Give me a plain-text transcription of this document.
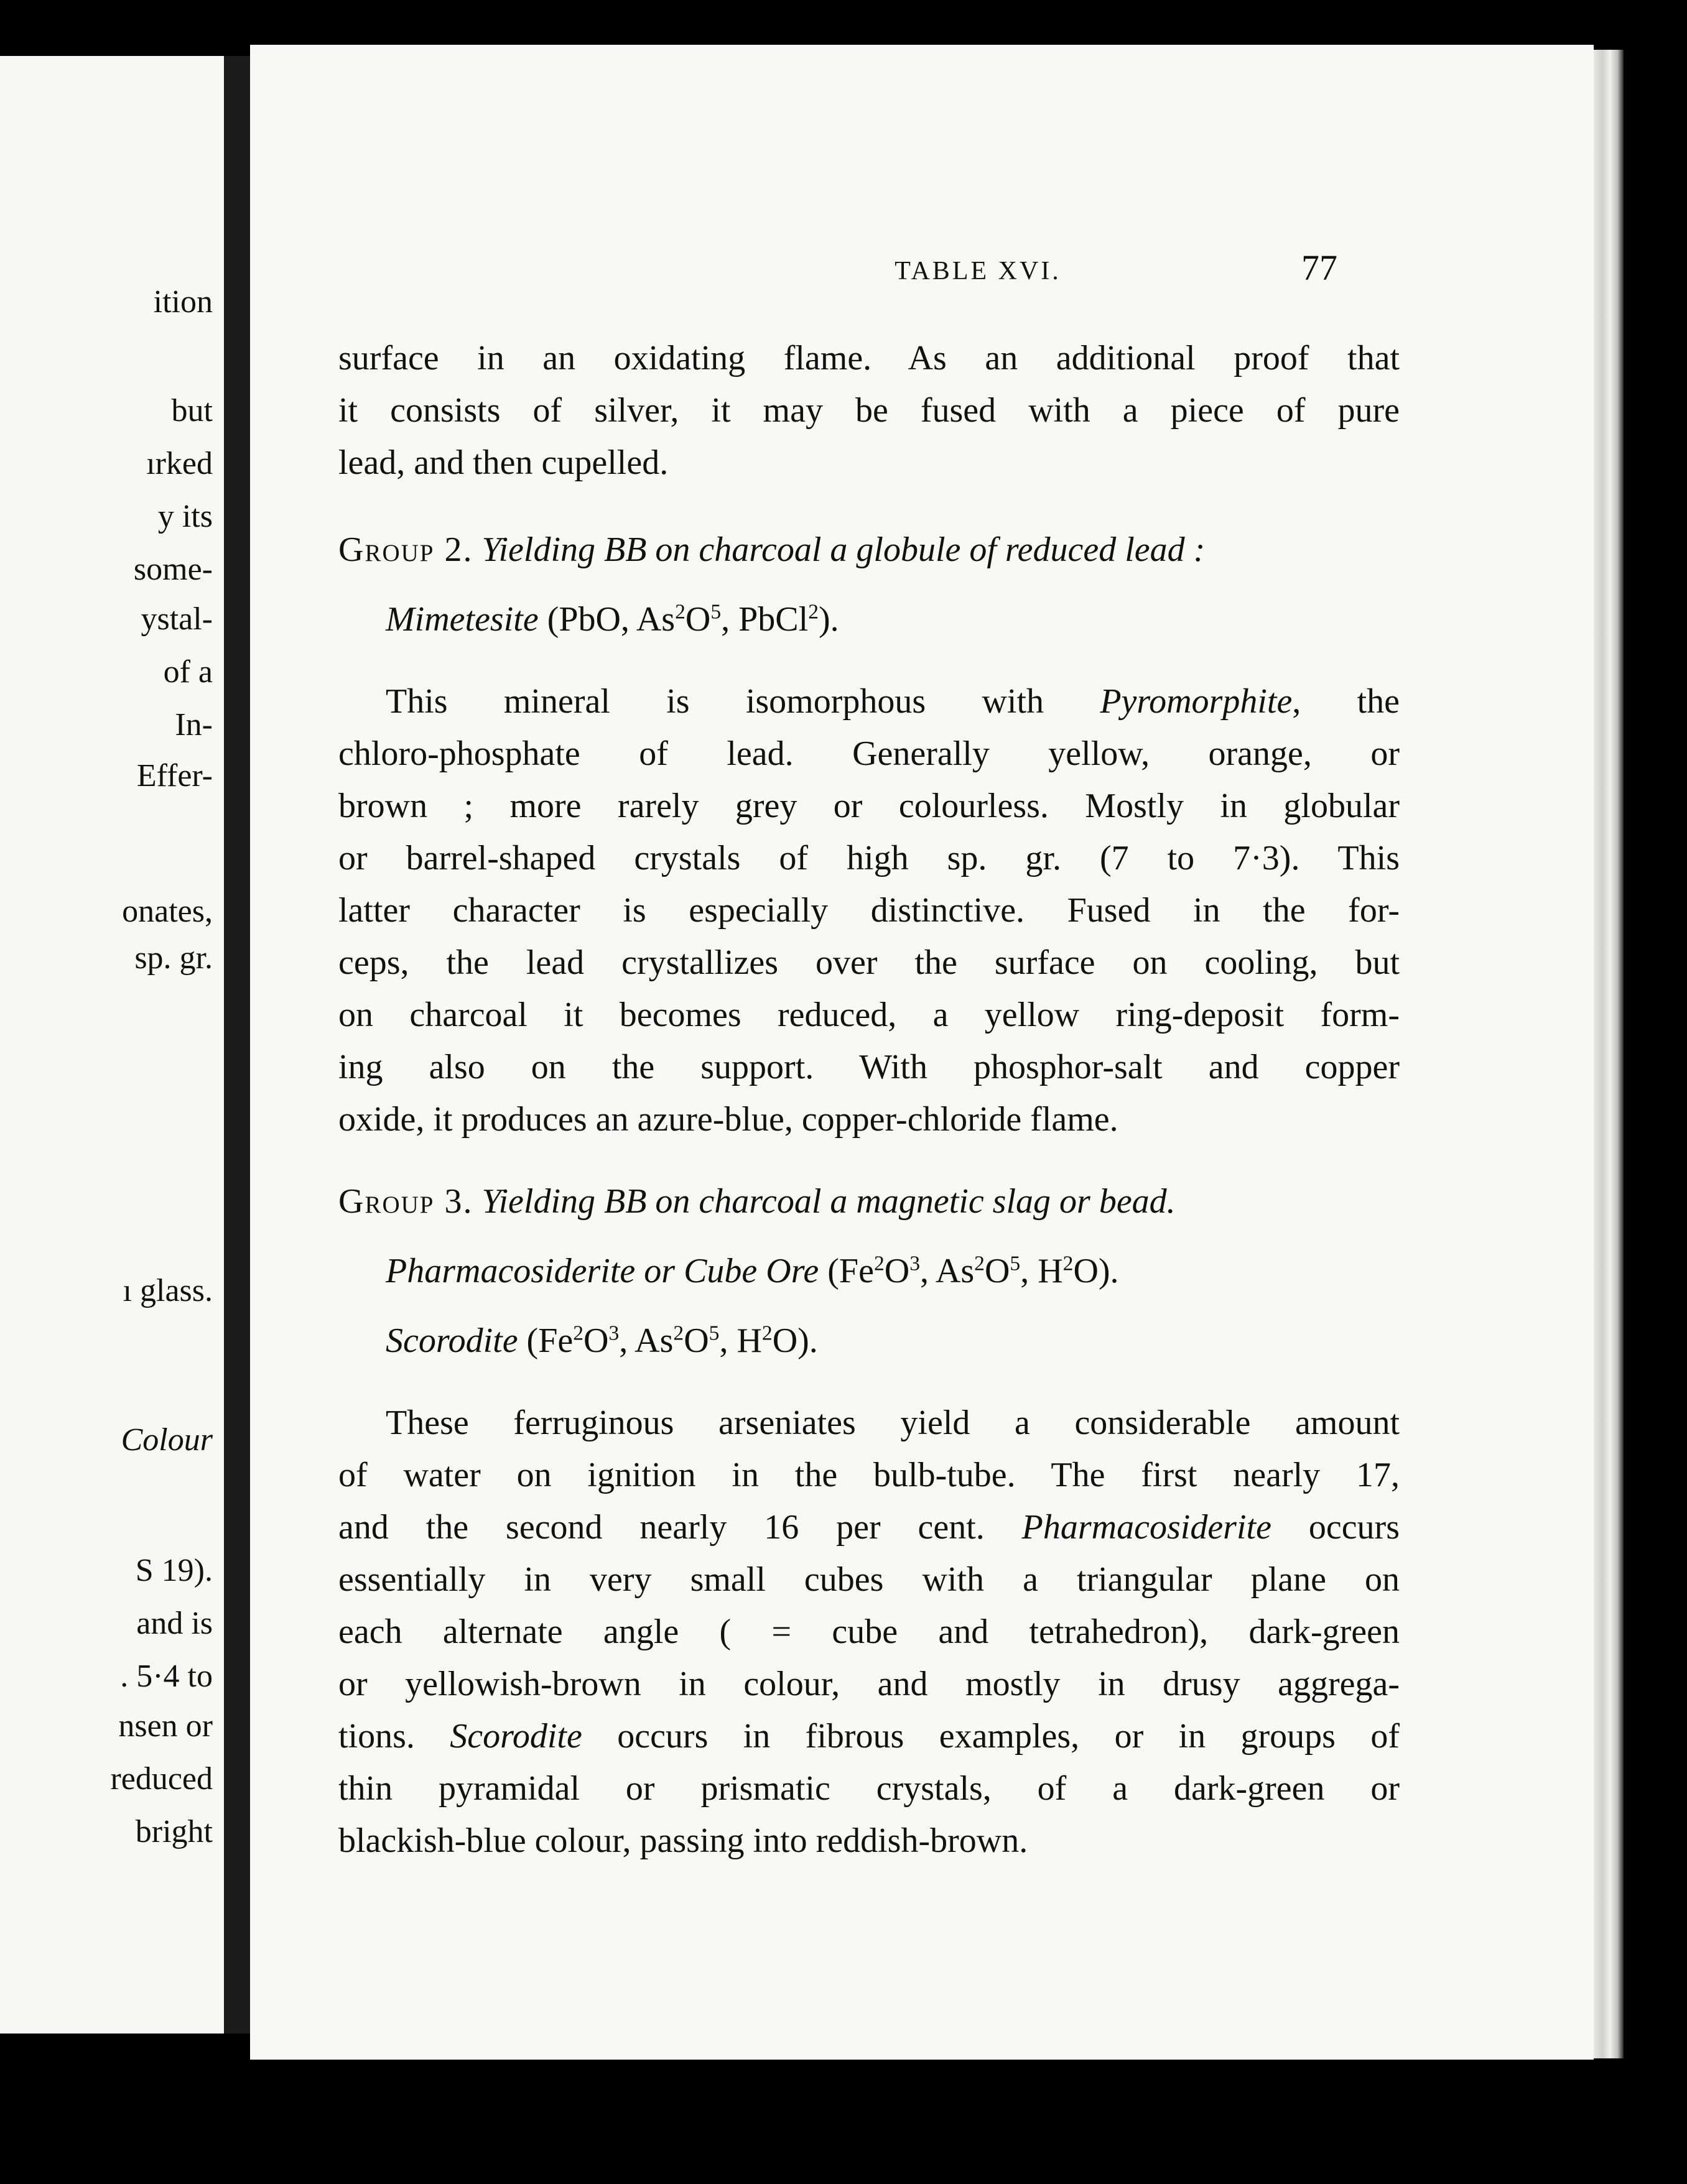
ition
but
ırked
y its
some-
ystal-
of a
In-
Effer-
onates,
sp. gr.
ı glass.
Colour
S 19).
and is
. 5·4 to
nsen or
reduced
bright
TABLE XVI.	77

surface in an oxidating flame. As an additional proof that
it consists of silver, it may be fused with a piece of pure
lead, and then cupelled.

Group 2. Yielding BB on charcoal a globule of reduced lead :

Mimetesite (PbO, $As^2O^5$, PbCl$^2$).

This mineral is isomorphous with Pyromorphite, the
chloro-phosphate of lead. Generally yellow, orange, or
brown ; more rarely grey or colourless. Mostly in globular
or barrel-shaped crystals of high sp. gr. (7 to 7·3). This
latter character is especially distinctive. Fused in the for-
ceps, the lead crystallizes over the surface on cooling, but
on charcoal it becomes reduced, a yellow ring-deposit form-
ing also on the support. With phosphor-salt and copper
oxide, it produces an azure-blue, copper-chloride flame.

Group 3. Yielding BB on charcoal a magnetic slag or bead.

Pharmacosiderite or Cube Ore ($Fe^2O^3$, $As^2O^5$, $H^2O$).

Scorodite ($Fe^2O^3$, $As^2O^5$, $H^2O$).

These ferruginous arseniates yield a considerable amount
of water on ignition in the bulb-tube. The first nearly 17,
and the second nearly 16 per cent. Pharmacosiderite occurs
essentially in very small cubes with a triangular plane on
each alternate angle ( = cube and tetrahedron), dark-green
or yellowish-brown in colour, and mostly in drusy aggrega-
tions. Scorodite occurs in fibrous examples, or in groups of
thin pyramidal or prismatic crystals, of a dark-green or
blackish-blue colour, passing into reddish-brown.
